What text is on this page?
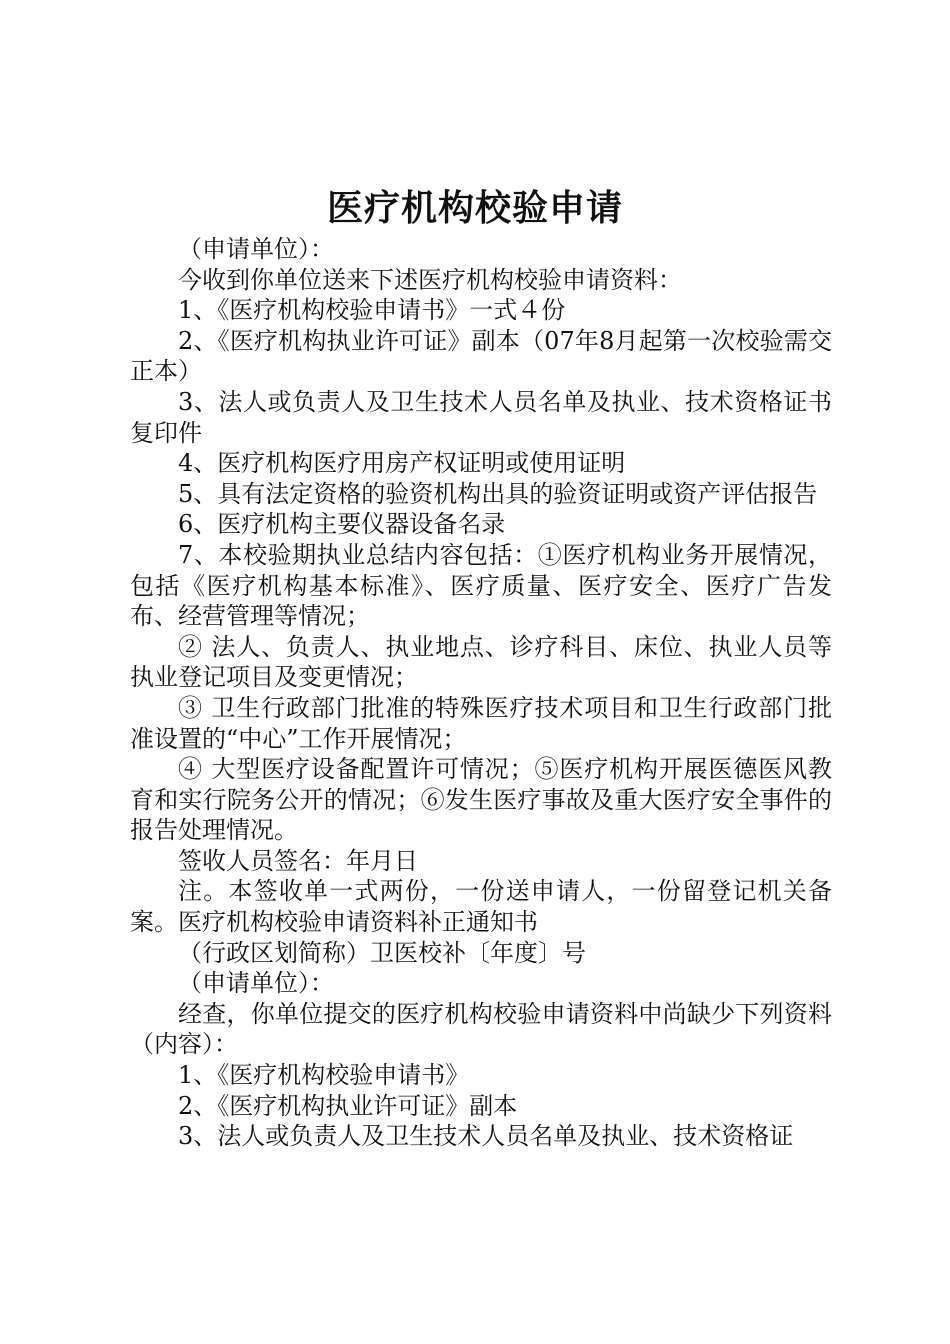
医疗机构校验申请

（申请单位）：

今收到你单位送来下述医疗机构校验申请资料：

1、《医疗机构校验申请书》一式４份

2、《医疗机构执业许可证》副本（07年8月起第一次校验需交正本）

3、法人或负责人及卫生技术人员名单及执业、技术资格证书复印件

4、医疗机构医疗用房产权证明或使用证明

5、具有法定资格的验资机构出具的验资证明或资产评估报告

6、医疗机构主要仪器设备名录

7、本校验期执业总结内容包括：①医疗机构业务开展情况，包括《医疗机构基本标准》、医疗质量、医疗安全、医疗广告发布、经营管理等情况；

② 法人、负责人、执业地点、诊疗科目、床位、执业人员等执业登记项目及变更情况；

③ 卫生行政部门批准的特殊医疗技术项目和卫生行政部门批准设置的“中心”工作开展情况；

④ 大型医疗设备配置许可情况；⑤医疗机构开展医德医风教育和实行院务公开的情况；⑥发生医疗事故及重大医疗安全事件的报告处理情况。

签收人员签名：年月日

注。本签收单一式两份，一份送申请人，一份留登记机关备案。医疗机构校验申请资料补正通知书

（行政区划简称）卫医校补〔年度〕号

（申请单位）：

经查，你单位提交的医疗机构校验申请资料中尚缺少下列资料（内容）：

1、《医疗机构校验申请书》

2、《医疗机构执业许可证》副本

3、法人或负责人及卫生技术人员名单及执业、技术资格证
